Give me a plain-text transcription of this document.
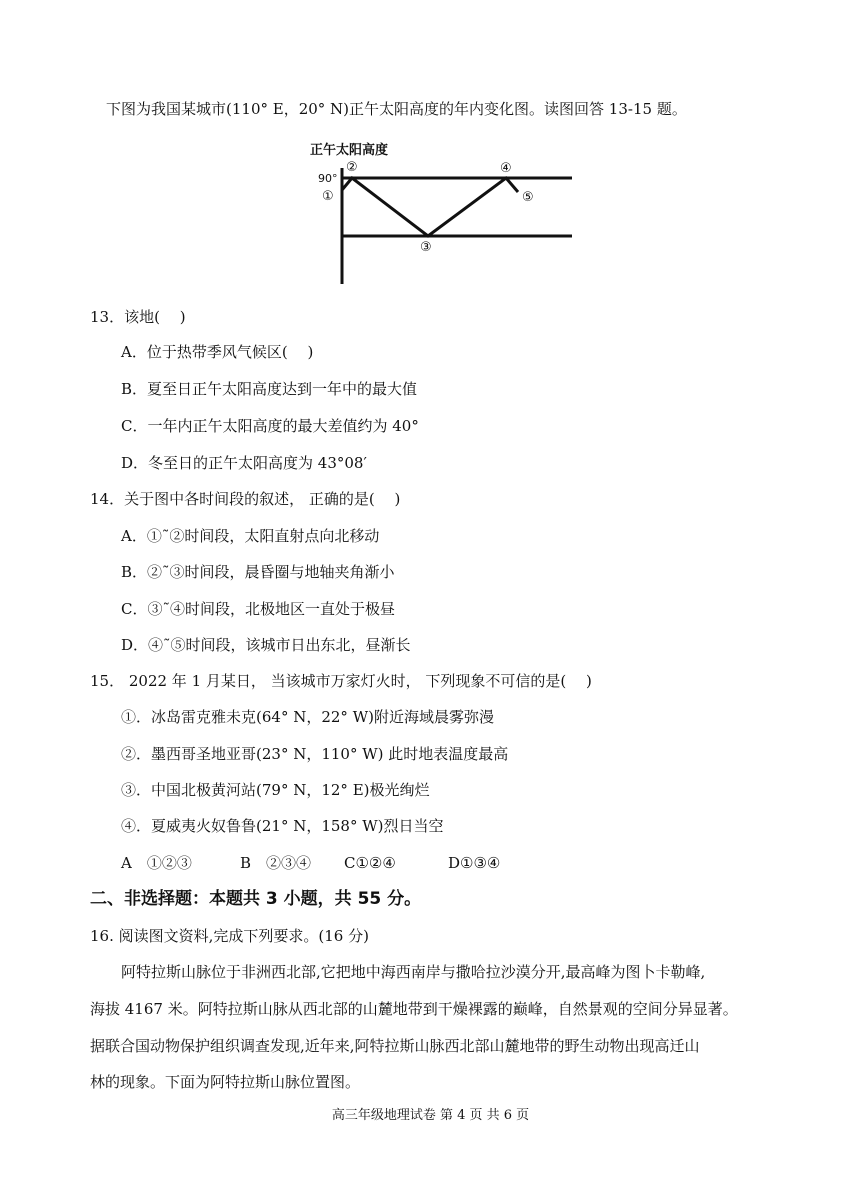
下图为我国某城市(110° E，20° N)正午太阳高度的年内变化图。读图回答 13-15 题。
正午太阳高度
90°
①
②
③
④
⑤
13．该地(　 )
A．位于热带季风气候区(　 )
B．夏至日正午太阳高度达到一年中的最大值
C．一年内正午太阳高度的最大差值约为 40°
D．冬至日的正午太阳高度为 43°08′
14．关于图中各时间段的叙述， 正确的是(　 )
A．①˜②时间段，太阳直射点向北移动
B．②˜③时间段，晨昏圈与地轴夹角渐小
C．③˜④时间段，北极地区一直处于极昼
D．④˜⑤时间段，该城市日出东北，昼渐长
15． 2022 年 1 月某日， 当该城市万家灯火时， 下列现象不可信的是(　 )
①．冰岛雷克雅未克(64° N，22° W)附近海域晨雾弥漫
②．墨西哥圣地亚哥(23° N，110° W) 此时地表温度最高
③．中国北极黄河站(79° N，12° E)极光绚烂
④．夏威夷火奴鲁鲁(21° N，158° W)烈日当空
A　①②③	B　②③④ C①②④	D①③④
二、非选择题：本题共 3 小题，共 55 分。
16. 阅读图文资料,完成下列要求。(16 分)
阿特拉斯山脉位于非洲西北部,它把地中海西南岸与撒哈拉沙漠分开,最高峰为图卜卡勒峰,
海拔 4167 米。阿特拉斯山脉从西北部的山麓地带到干燥裸露的巅峰，自然景观的空间分异显著。
据联合国动物保护组织调查发现,近年来,阿特拉斯山脉西北部山麓地带的野生动物出现高迁山
林的现象。下面为阿特拉斯山脉位置图。
高三年级地理试卷 第 4 页 共 6 页
